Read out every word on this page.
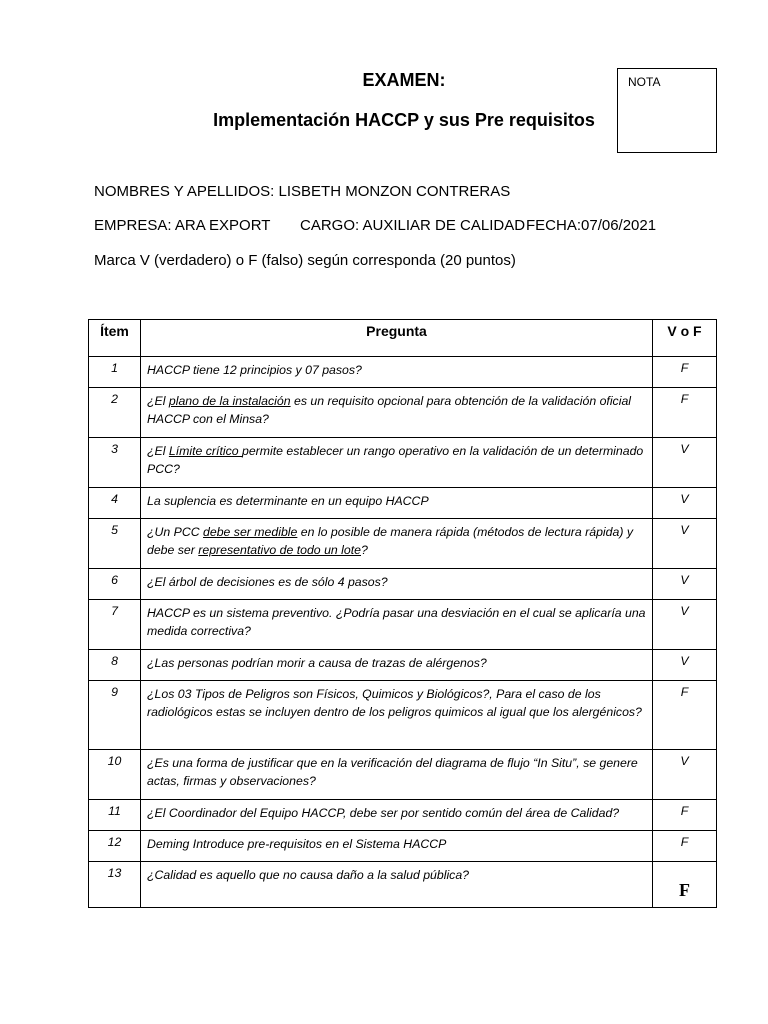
EXAMEN:
Implementación HACCP y sus Pre requisitos
NOTA
NOMBRES Y APELLIDOS: LISBETH MONZON CONTRERAS
EMPRESA: ARA EXPORT CARGO: AUXILIAR DE CALIDAD FECHA:07/06/2021
Marca V (verdadero) o F (falso) según corresponda (20 puntos)
Ítem	Pregunta	V o F
1	HACCP tiene 12 principios y 07 pasos?	F
2	¿El plano de la instalación es un requisito opcional para obtención de la validación oficial HACCP con el Minsa?	F
3	¿El Límite crítico permite establecer un rango operativo en la validación de un determinado PCC?	V
4	La suplencia es determinante en un equipo HACCP	V
5	¿Un PCC debe ser medible en lo posible de manera rápida (métodos de lectura rápida) y debe ser representativo de todo un lote?	V
6	¿El árbol de decisiones es de sólo 4 pasos?	V
7	HACCP es un sistema preventivo. ¿Podría pasar una desviación en el cual se aplicaría una medida correctiva?	V
8	¿Las personas podrían morir a causa de trazas de alérgenos?	V
9	¿Los 03 Tipos de Peligros son Físicos, Quimicos y Biológicos?, Para el caso de los radiológicos estas se incluyen dentro de los peligros quimicos al igual que los alergénicos?	F
10	¿Es una forma de justificar que en la verificación del diagrama de flujo “In Situ”, se genere actas, firmas y observaciones?	V
11	¿El Coordinador del Equipo HACCP, debe ser por sentido común del área de Calidad?	F
12	Deming Introduce pre-requisitos en el Sistema HACCP	F
13	¿Calidad es aquello que no causa daño a la salud pública?	F
